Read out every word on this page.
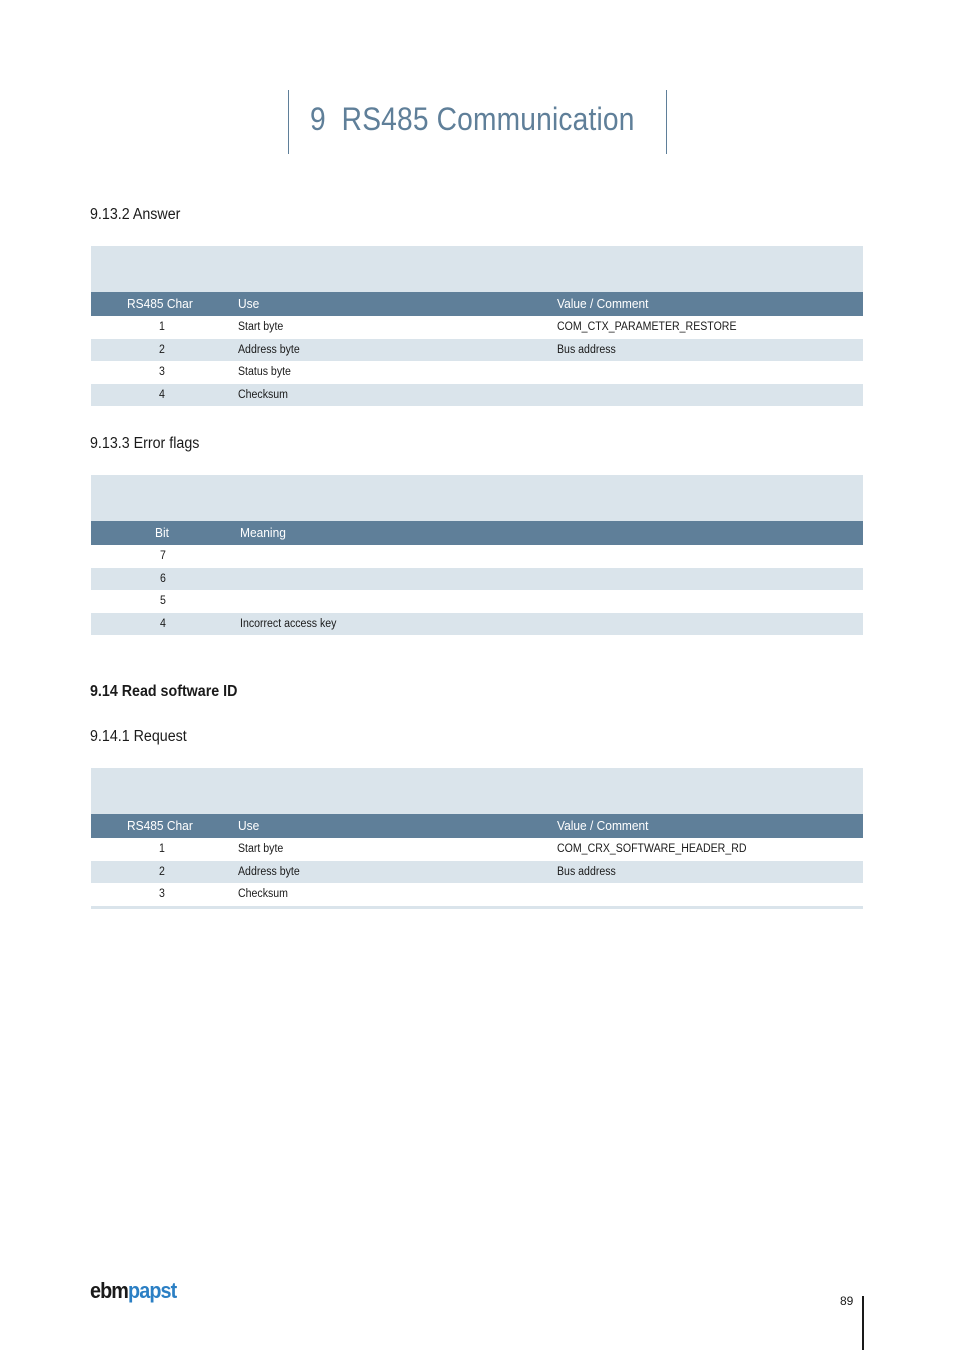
9 RS485 Communication
9.13.2 Answer
RS485 Char	Use	Value / Comment
1	Start byte	COM_CTX_PARAMETER_RESTORE
2	Address byte	Bus address
3	Status byte
4	Checksum
9.13.3 Error flags
Bit	Meaning
7
6
5
4	Incorrect access key
9.14 Read software ID
9.14.1 Request
RS485 Char	Use	Value / Comment
1	Start byte	COM_CRX_SOFTWARE_HEADER_RD
2	Address byte	Bus address
3	Checksum
ebmpapst	89
